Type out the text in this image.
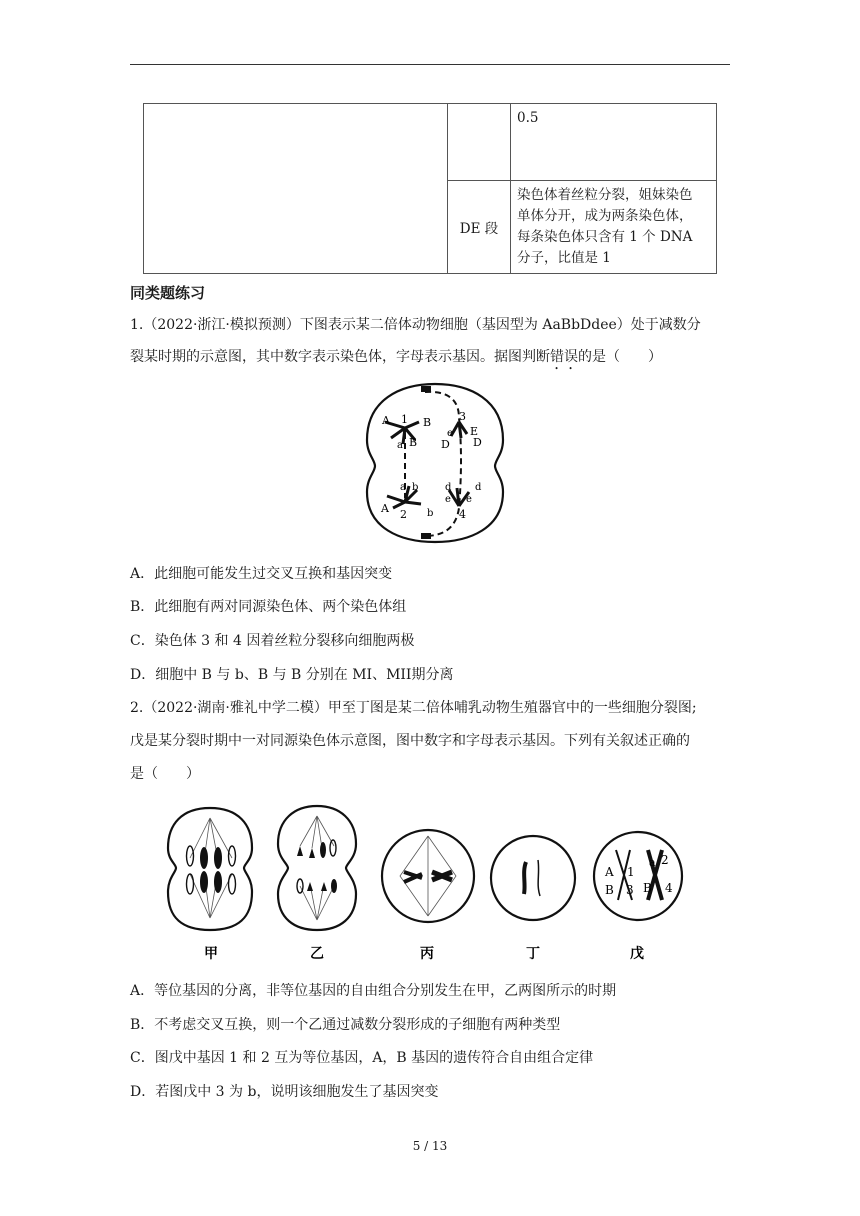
		0.5
	DE 段	染色体着丝粒分裂，姐妹染色
单体分开，成为两条染色体，
每条染色体只含有 1 个 DNA
分子，比值是 1
同类题练习
1.（2022·浙江·模拟预测）下图表示某二倍体动物细胞（基因型为 AaBbDdee）处于减数分
裂某时期的示意图，其中数字表示染色体，字母表示基因。据图判断错误的是（　　）
A 1 B
a B
3
e E
D D
a b
A 2 b
d d
e e
4
A．此细胞可能发生过交叉互换和基因突变
B．此细胞有两对同源染色体、两个染色体组
C．染色体 3 和 4 因着丝粒分裂移向细胞两极
D．细胞中 B 与 b、B 与 B 分别在 MI、MII期分离
2.（2022·湖南·雅礼中学二模）甲至丁图是某二倍体哺乳动物生殖器官中的一些细胞分裂图;
戊是某分裂时期中一对同源染色体示意图，图中数字和字母表示基因。下列有关叙述正确的
是（　　）
A 1
a 2
B 3 B 4
甲	乙	丙	丁	戊
A．等位基因的分离，非等位基因的自由组合分别发生在甲，乙两图所示的时期
B．不考虑交叉互换，则一个乙通过减数分裂形成的子细胞有两种类型
C．图戊中基因 1 和 2 互为等位基因，A，B 基因的遗传符合自由组合定律
D．若图戊中 3 为 b，说明该细胞发生了基因突变
5 / 13
